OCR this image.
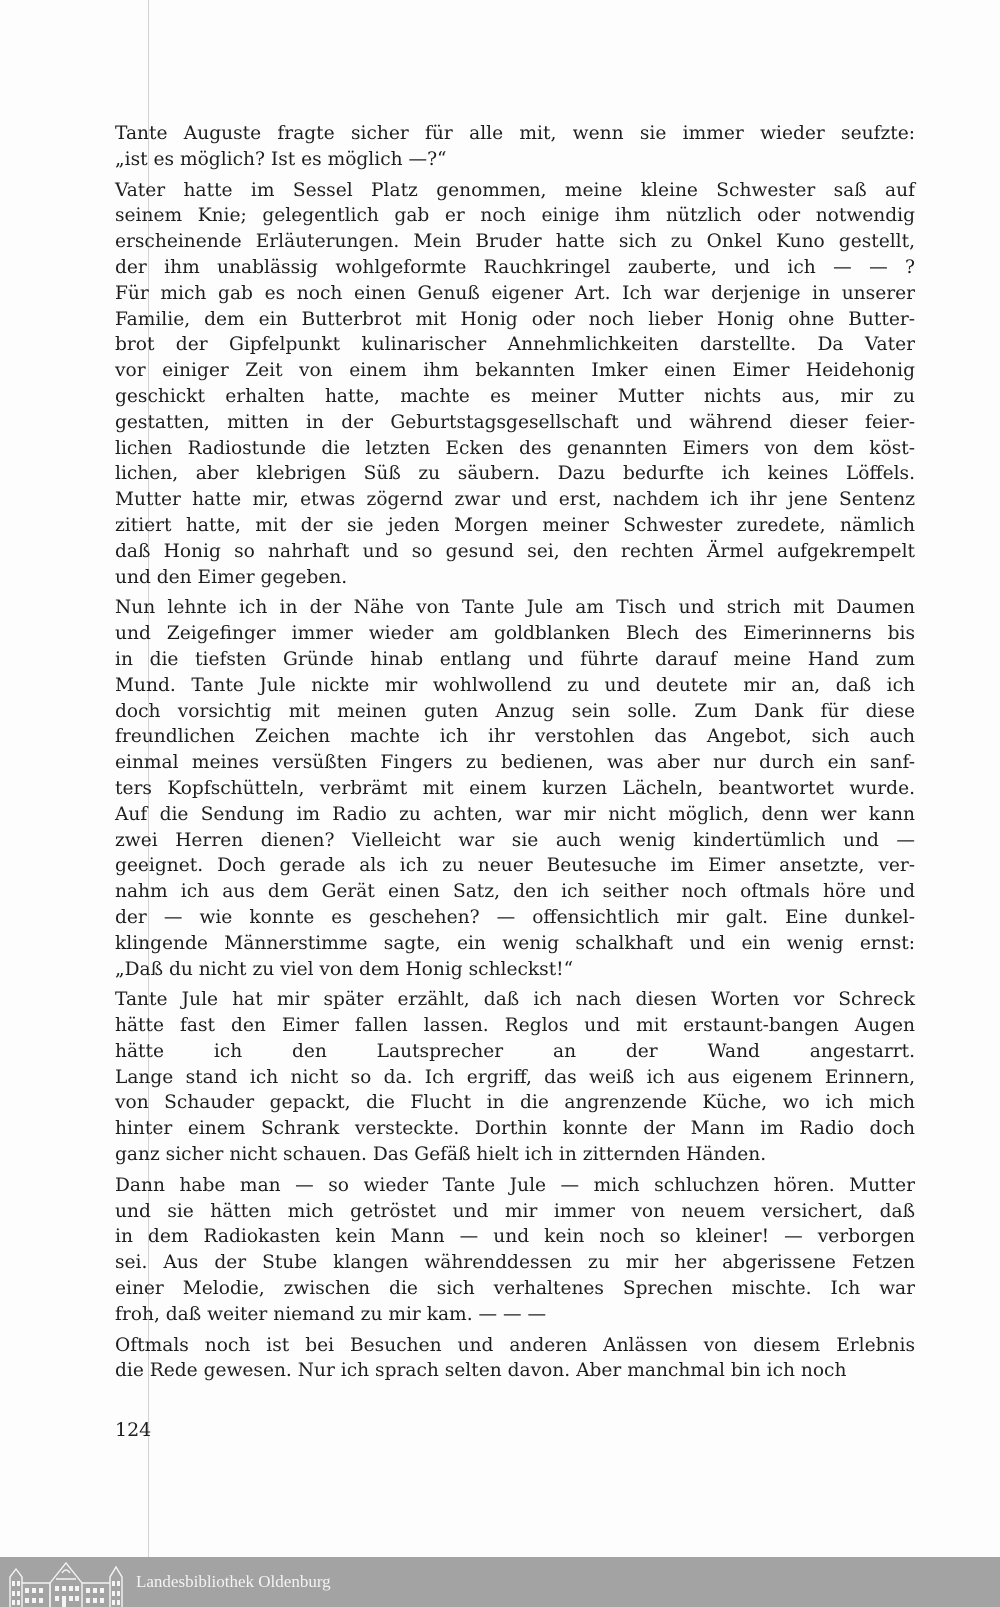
Tante Auguste fragte sicher für alle mit, wenn sie immer wieder seufzte:
„ist es möglich? Ist es möglich —?“
Vater hatte im Sessel Platz genommen, meine kleine Schwester saß auf
seinem Knie; gelegentlich gab er noch einige ihm nützlich oder notwendig
erscheinende Erläuterungen. Mein Bruder hatte sich zu Onkel Kuno gestellt,
der ihm unablässig wohlgeformte Rauchkringel zauberte, und ich — — ?
Für mich gab es noch einen Genuß eigener Art. Ich war derjenige in unserer
Familie, dem ein Butterbrot mit Honig oder noch lieber Honig ohne Butter-
brot der Gipfelpunkt kulinarischer Annehmlichkeiten darstellte. Da Vater
vor einiger Zeit von einem ihm bekannten Imker einen Eimer Heidehonig
geschickt erhalten hatte, machte es meiner Mutter nichts aus, mir zu
gestatten, mitten in der Geburtstagsgesellschaft und während dieser feier-
lichen Radiostunde die letzten Ecken des genannten Eimers von dem köst-
lichen, aber klebrigen Süß zu säubern. Dazu bedurfte ich keines Löffels.
Mutter hatte mir, etwas zögernd zwar und erst, nachdem ich ihr jene Sentenz
zitiert hatte, mit der sie jeden Morgen meiner Schwester zuredete, nämlich
daß Honig so nahrhaft und so gesund sei, den rechten Ärmel aufgekrempelt
und den Eimer gegeben.
Nun lehnte ich in der Nähe von Tante Jule am Tisch und strich mit Daumen
und Zeigefinger immer wieder am goldblanken Blech des Eimerinnerns bis
in die tiefsten Gründe hinab entlang und führte darauf meine Hand zum
Mund. Tante Jule nickte mir wohlwollend zu und deutete mir an, daß ich
doch vorsichtig mit meinen guten Anzug sein solle. Zum Dank für diese
freundlichen Zeichen machte ich ihr verstohlen das Angebot, sich auch
einmal meines versüßten Fingers zu bedienen, was aber nur durch ein sanf-
ters Kopfschütteln, verbrämt mit einem kurzen Lächeln, beantwortet wurde.
Auf die Sendung im Radio zu achten, war mir nicht möglich, denn wer kann
zwei Herren dienen? Vielleicht war sie auch wenig kindertümlich und —
geeignet. Doch gerade als ich zu neuer Beutesuche im Eimer ansetzte, ver-
nahm ich aus dem Gerät einen Satz, den ich seither noch oftmals höre und
der — wie konnte es geschehen? — offensichtlich mir galt. Eine dunkel-
klingende Männerstimme sagte, ein wenig schalkhaft und ein wenig ernst:
„Daß du nicht zu viel von dem Honig schleckst!“
Tante Jule hat mir später erzählt, daß ich nach diesen Worten vor Schreck
hätte fast den Eimer fallen lassen. Reglos und mit erstaunt-bangen Augen
hätte ich den Lautsprecher an der Wand angestarrt.
Lange stand ich nicht so da. Ich ergriff, das weiß ich aus eigenem Erinnern,
von Schauder gepackt, die Flucht in die angrenzende Küche, wo ich mich
hinter einem Schrank versteckte. Dorthin konnte der Mann im Radio doch
ganz sicher nicht schauen. Das Gefäß hielt ich in zitternden Händen.
Dann habe man — so wieder Tante Jule — mich schluchzen hören. Mutter
und sie hätten mich getröstet und mir immer von neuem versichert, daß
in dem Radiokasten kein Mann — und kein noch so kleiner! — verborgen
sei. Aus der Stube klangen währenddessen zu mir her abgerissene Fetzen
einer Melodie, zwischen die sich verhaltenes Sprechen mischte. Ich war
froh, daß weiter niemand zu mir kam. — — —
Oftmals noch ist bei Besuchen und anderen Anlässen von diesem Erlebnis
die Rede gewesen. Nur ich sprach selten davon. Aber manchmal bin ich noch
124
Landesbibliothek Oldenburg
